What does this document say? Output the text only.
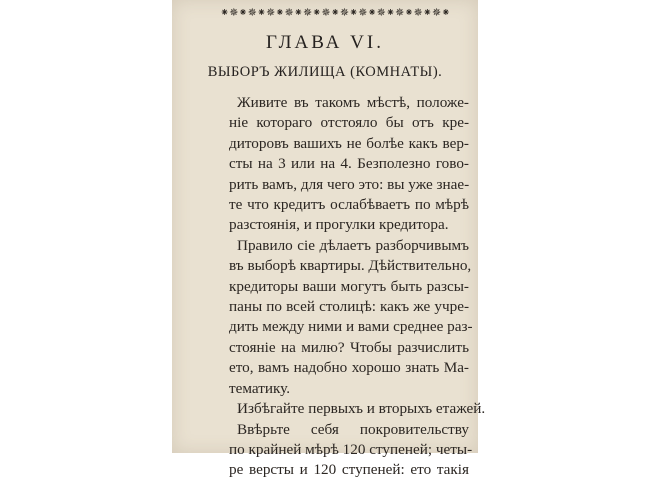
⁕✵⁕✵⁕✵⁕✵⁕✵⁕✵⁕✵⁕✵⁕✵⁕✵⁕✵⁕✵⁕
ГЛАВА VI.
ВЫБОРЪ ЖИЛИЩА (КОМНАТЫ).
Живите въ такомъ мѣстѣ, положе-
ніе котораго отстояло бы отъ кре-
диторовъ вашихъ не болѣе какъ вер-
сты на 3 или на 4. Безполезно гово-
рить вамъ, для чего это: вы уже знае-
те что кредитъ ослабѣваетъ по мѣрѣ
разстоянія, и прогулки кредитора.
Правило сіе дѣлаетъ разборчивымъ
въ выборѣ квартиры. Дѣйствительно,
кредиторы ваши могутъ быть разсы-
паны по всей столицѣ: какъ же учре-
дить между ними и вами среднее раз-
стояніе на милю? Чтобы разчислить
ето, вамъ надобно хорошо знать Ма-
тематику.
Избѣгайте первыхъ и вторыхъ етажей.
Ввѣрьте себя покровительству
по крайней мѣрѣ 120 ступеней; четы-
ре версты и 120 ступеней: ето такія
